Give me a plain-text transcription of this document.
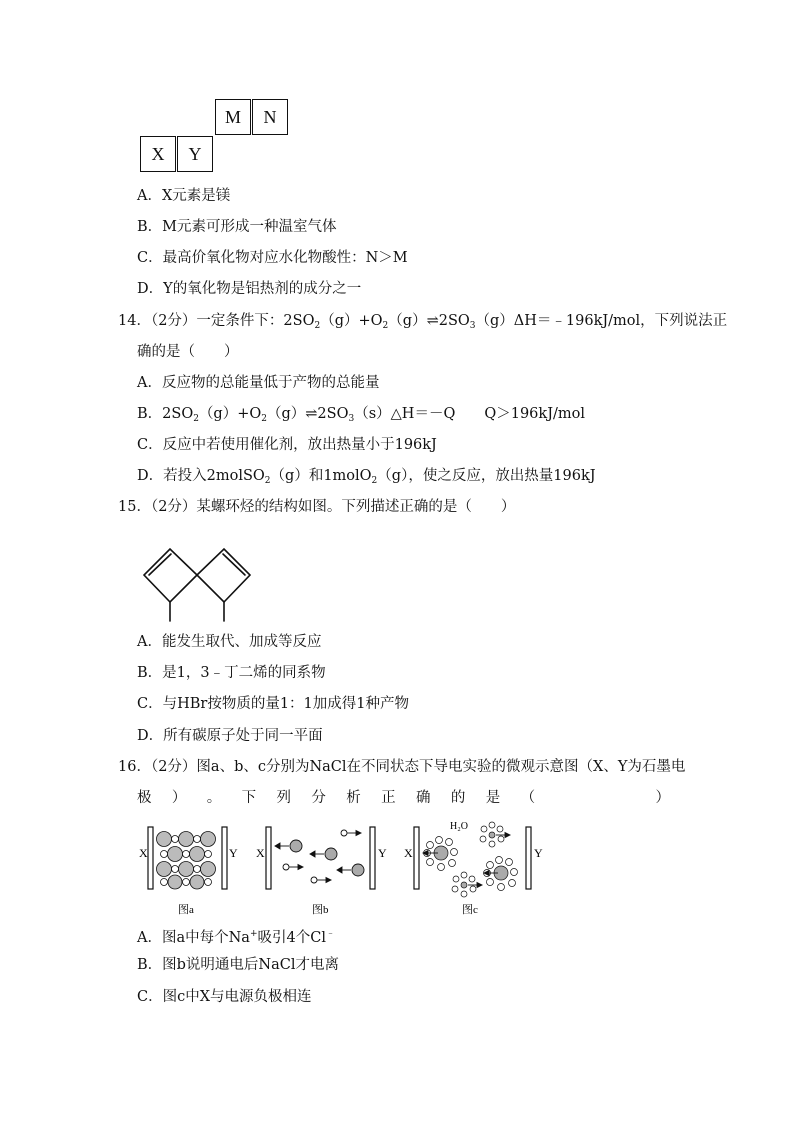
M	N
X	Y
A．X元素是镁
B．M元素可形成一种温室气体
C．最高价氧化物对应水化物酸性：N＞M
D．Y的氧化物是铝热剂的成分之一
14．（2分）一定条件下：$2SO_2(g)+O_2(g)\rightleftharpoons 2SO_3(g)\Delta H=﹣196kJ$/mol，下列说法正
确的是（　　）
A．反应物的总能量低于产物的总能量
B．$2SO_2(g)+O_2(g)\rightleftharpoons 2SO_3(s)\triangle H=-Q$　　Q＞196kJ/mol
C．反应中若使用催化剂，放出热量小于196kJ
D．若投入2molSO$_2$（g）和1molO$_2$（g），使之反应，放出热量196kJ
15．（2分）某螺环烃的结构如图。下列描述正确的是（　　）
A．能发生取代、加成等反应
B．是1，3﹣丁二烯的同系物
C．与HBr按物质的量1：1加成得1种产物
D．所有碳原子处于同一平面
16．（2分）图a、b、c分别为NaCl在不同状态下导电实验的微观示意图（X、Y为石墨电
极 ） 。 下 列 分 析 正 确 的 是 （	）
X	Y
图a
X	Y
图b
X	Y
H₂O
图c
A．图a中每个Na+吸引4个Cl﹣
B．图b说明通电后NaCl才电离
C．图c中X与电源负极相连
